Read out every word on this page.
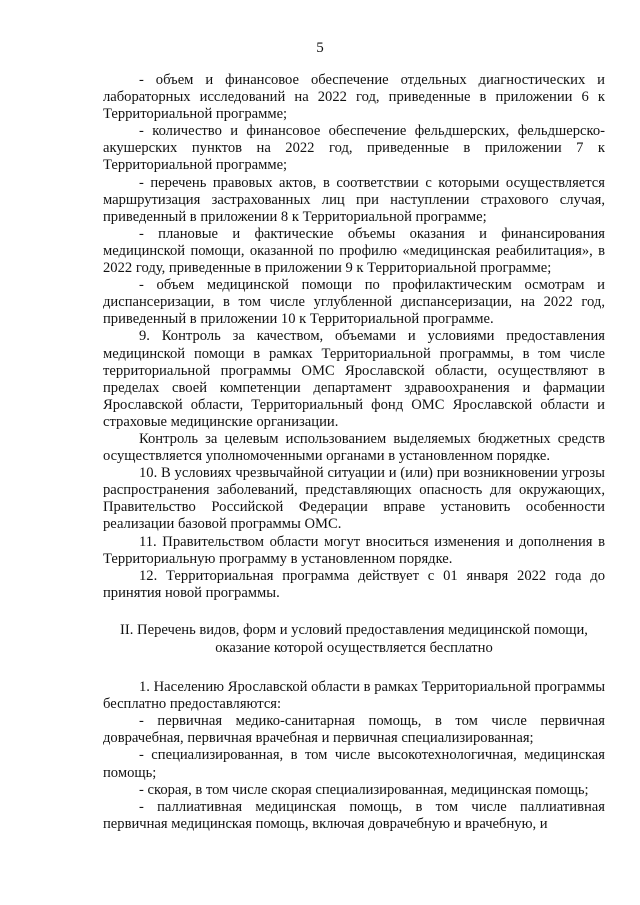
5

- объем и финансовое обеспечение отдельных диагностических и лабораторных исследований на 2022 год, приведенные в приложении 6 к Территориальной программе;

- количество и финансовое обеспечение фельдшерских, фельдшерско-акушерских пунктов на 2022 год, приведенные в приложении 7 к Территориальной программе;

- перечень правовых актов, в соответствии с которыми осуществляется маршрутизация застрахованных лиц при наступлении страхового случая, приведенный в приложении 8 к Территориальной программе;

- плановые и фактические объемы оказания и финансирования медицинской помощи, оказанной по профилю «медицинская реабилитация», в 2022 году, приведенные в приложении 9 к Территориальной программе;

- объем медицинской помощи по профилактическим осмотрам и диспансеризации, в том числе углубленной диспансеризации, на 2022 год, приведенный в приложении 10 к Территориальной программе.

9. Контроль за качеством, объемами и условиями предоставления медицинской помощи в рамках Территориальной программы, в том числе территориальной программы ОМС Ярославской области, осуществляют в пределах своей компетенции департамент здравоохранения и фармации Ярославской области, Территориальный фонд ОМС Ярославской области и страховые медицинские организации.

Контроль за целевым использованием выделяемых бюджетных средств осуществляется уполномоченными органами в установленном порядке.

10. В условиях чрезвычайной ситуации и (или) при возникновении угрозы распространения заболеваний, представляющих опасность для окружающих, Правительство Российской Федерации вправе установить особенности реализации базовой программы ОМС.

11. Правительством области могут вноситься изменения и дополнения в Территориальную программу в установленном порядке.

12. Территориальная программа действует с 01 января 2022 года до принятия новой программы.

II. Перечень видов, форм и условий предоставления медицинской помощи,
оказание которой осуществляется бесплатно

1. Населению Ярославской области в рамках Территориальной программы бесплатно предоставляются:

- первичная медико-санитарная помощь, в том числе первичная доврачебная, первичная врачебная и первичная специализированная;

- специализированная, в том числе высокотехнологичная, медицинская помощь;

- скорая, в том числе скорая специализированная, медицинская помощь;

- паллиативная медицинская помощь, в том числе паллиативная первичная медицинская помощь, включая доврачебную и врачебную, и
